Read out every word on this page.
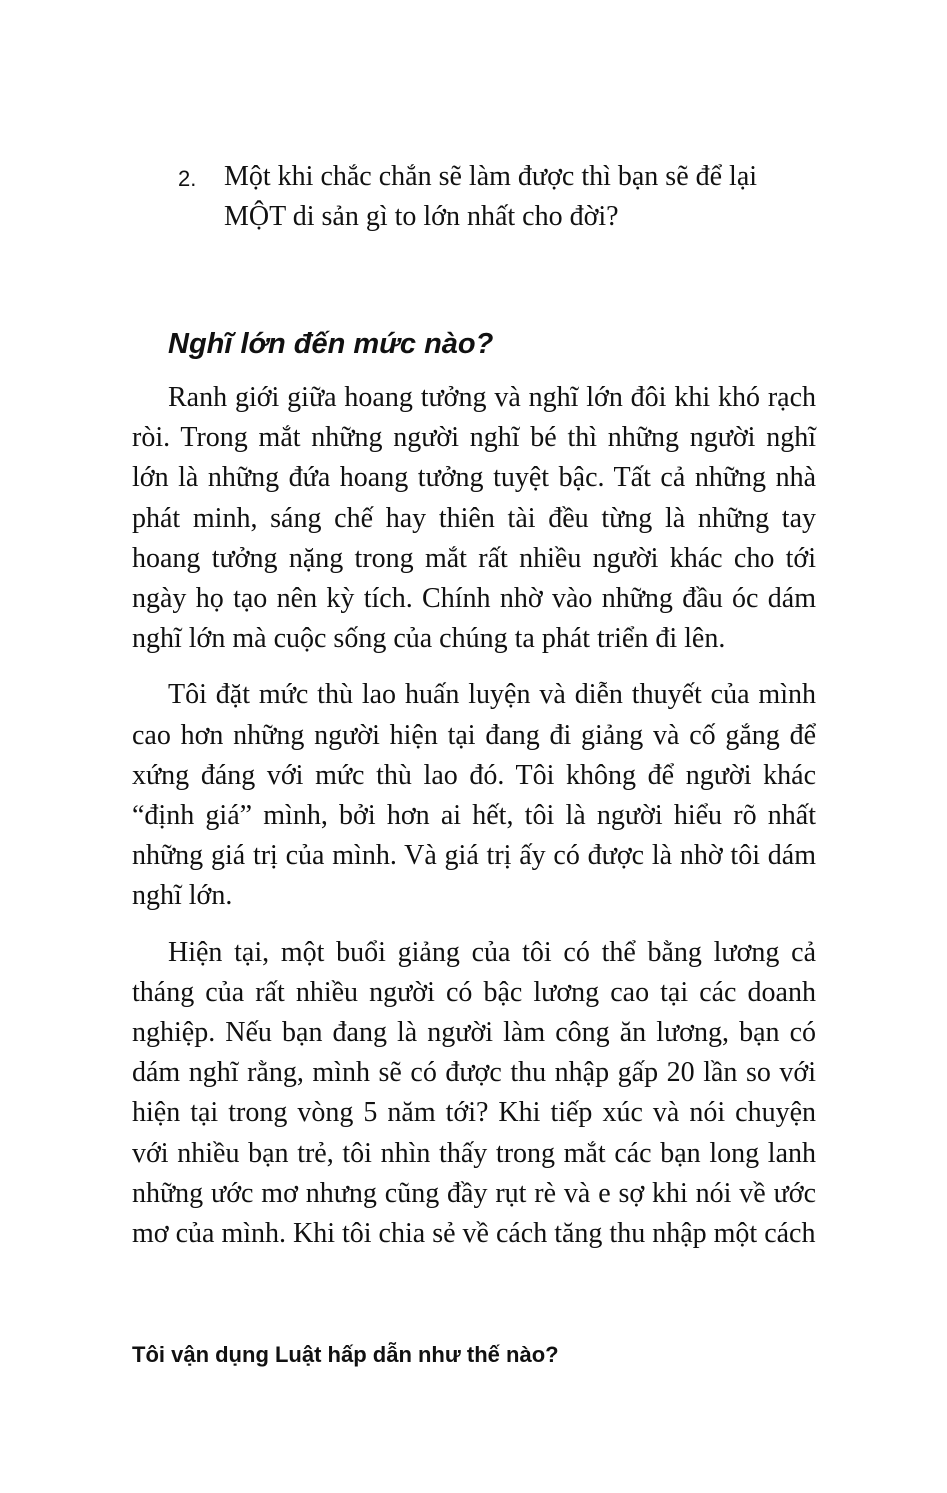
2. Một khi chắc chắn sẽ làm được thì bạn sẽ để lại MỘT di sản gì to lớn nhất cho đời?
Nghĩ lớn đến mức nào?

Ranh giới giữa hoang tưởng và nghĩ lớn đôi khi khó rạch ròi. Trong mắt những người nghĩ bé thì những người nghĩ lớn là những đứa hoang tưởng tuyệt bậc. Tất cả những nhà phát minh, sáng chế hay thiên tài đều từng là những tay hoang tưởng nặng trong mắt rất nhiều người khác cho tới ngày họ tạo nên kỳ tích. Chính nhờ vào những đầu óc dám nghĩ lớn mà cuộc sống của chúng ta phát triển đi lên.

Tôi đặt mức thù lao huấn luyện và diễn thuyết của mình cao hơn những người hiện tại đang đi giảng và cố gắng để xứng đáng với mức thù lao đó. Tôi không để người khác “định giá” mình, bởi hơn ai hết, tôi là người hiểu rõ nhất những giá trị của mình. Và giá trị ấy có được là nhờ tôi dám nghĩ lớn.

Hiện tại, một buổi giảng của tôi có thể bằng lương cả tháng của rất nhiều người có bậc lương cao tại các doanh nghiệp. Nếu bạn đang là người làm công ăn lương, bạn có dám nghĩ rằng, mình sẽ có được thu nhập gấp 20 lần so với hiện tại trong vòng 5 năm tới? Khi tiếp xúc và nói chuyện với nhiều bạn trẻ, tôi nhìn thấy trong mắt các bạn long lanh những ước mơ nhưng cũng đầy rụt rè và e sợ khi nói về ước mơ của mình. Khi tôi chia sẻ về cách tăng thu nhập một cách

Tôi vận dụng Luật hấp dẫn như thế nào?
